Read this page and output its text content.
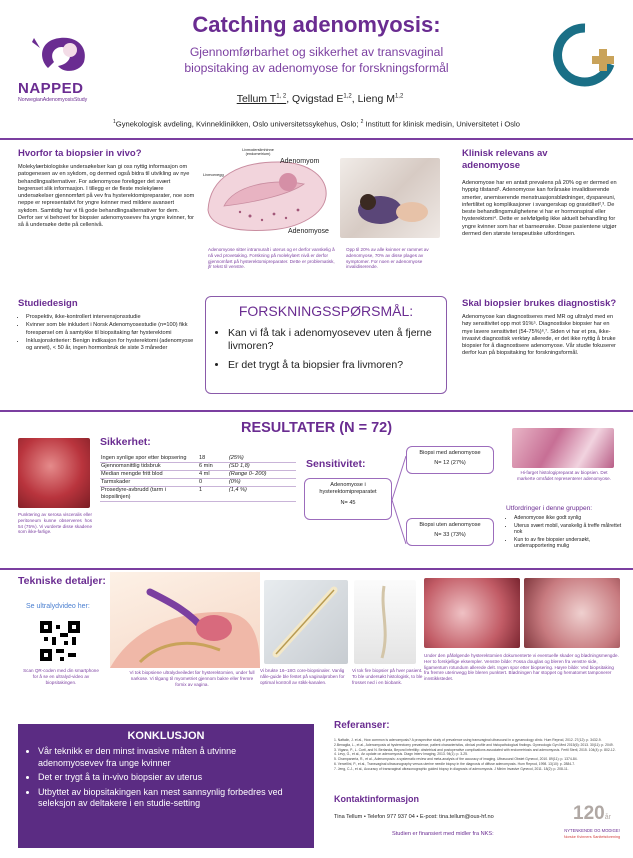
NAPPED
NorwegianAdenomyosisStudy
Catching adenomyosis:
Gjennomførbarhet og sikkerhet av transvaginal
biopsitaking av adenomyose for forskningsformål
Tellum T$^{1, 2}$, Qvigstad E$^{1,2}$, Lieng M$^{1,2}$
$^1$Gynekologisk avdeling, Kvinneklinikken, Oslo universitetssykehus, Oslo; $^2$ Institutt for klinisk medisin, Universitetet i Oslo
Hvorfor ta biopsier in vivo?
Molekylærbiologiske undersøkelser kan gi oss nyttig informasjon om patogenesen av en sykdom, og dermed også bidra til utvikling av nye behandlingsalternativer. For adenomyose foreligger det svært begrenset slik informasjon. I tillegg er de fleste molekylære undersøkelser gjennomført på vev fra hysterektomipreparater, noe som neppe er representativt for yngre kvinner med mildere avansert sykdom. Samtidig har vi få gode behandlingsalternativer for dem. Derfor ser vi behovet for biopsier adenomyosevev fra yngre kvinner, for så å undersøke dette på cellenivå.
Livmoderslimhinne (endometrium)
Adenomyom
Livmorvegg
Adenomyose
Adenomyose sitter intramuralt i uterus og er derfor vanskelig å nå ved provetaking. Forskning på molekylært nivå er derfor gjennomført på hysterektomipreparater. Dette er problematisk, jfr tekst til venstre.
Opp til 20% av alle kvinner er rammet av adenomyose, 70% av disse plages av symptomer. For noen er adenomyose invalidiserende.
Klinisk relevans av
adenomyose
Adenomyose har en antatt prevalens på 20% og er dermed en hyppig tilstand¹. Adenomyose kan forårsake invalidiserende smerter, anemiserende menstruasjonsblødninger, dyspareuni, infertilitet og komplikasjoner i svangerskap og graviditet²‚³. De beste behandlingsmulighetene vi har er hormonspiral eller hysterektomi⁴. Dette er selvfølgelig ikke aktuelt behandling for yngre kvinner som har et barneønske. Disse pasientene utgjør dermed den største terapeutiske utfordringen.
Studiedesign
• Prospektiv, ikke-kontrollert intervensjonsstudie
• Kvinner som ble inkludert i Norsk Adenomyosestudie (n=100) fikk forespørsel om å samtykke til biopsitaking før hysterektomi
• Inklusjonskriterier: Benign indikasjon for hysterektomi (adenomyose og annet), < 50 år, ingen hormonbruk de siste 3 måneder
FORSKNINGSSPØRSMÅL:
• Kan vi få tak i adenomyosevev uten å fjerne livmoren?
• Er det trygt å ta biopsier fra livmoren?
Skal biopsier brukes diagnostisk?
Adenomyose kan diagnostiseres med MR og ultralyd med en høy sensitivitet opp mot 91%⁵. Diagnostiske biopsier har en mye lavere sensitivitet (54-75%)⁶‚⁷. Siden vi har et pra, ikke-invasivt diagnostisk verktøy allerede, er det ikke nyttig å bruke biopsier for å diagnostisere adenomyose. Vår studie fokuserer derfor kun på biopsitaking for forskningsformål.
RESULTATER (N = 72)
Punktering av serosa visceralis eller peritoneum kunne observeres hos 54 (75%). Vi vurderte disse skadene som ikke-farlige.
Sikkerhet:
Ingen synlige spor etter biopsering	18	(25%)
Gjennomsnittlig tidsbruk	6 min	(SD 1,8)
Median mengde fritt blod	4 ml	(Range 0- 200)
Tarmskader	0	(0%)
Prosedyre-avbrudd (tarm i biopsilinjen)	1	(1,4 %)
Sensitivitet:
Adenomyose i
hysterektomipreparatet
N= 45
Biopsi med adenomyose
N= 12 (27%)
Biopsi uten adenomyose
N= 33 (73%)
Hi-farget histologipreparat av biopsien. Det markerte området representerer adenomyose.
Utfordringer i denne gruppen:
• Adenomyose ikke godt synlig
• Uterus svært mobil, vanskelig å treffe målrettet nok
• Kun to av fire biopsier undersøkt, underrapportering mulig
Tekniske detaljer:
Se ultralydvideo her:
Scan QR-coden med din smartphone for å se en ultralyd-video av biopsitakingen.
Vi tok biopsiene ultralydveiledet før hysterektomien, under full narkose. Vi tilgang til myometriet gjennom bakre eller fremre fornix av vagina.
Vi brukte 16–18G core-biopsinaler. Vanlig nåle-guide ble festet på vaginalproben for optimal kontroll av stikk-kanalen.
Vi tok fire biopsier på hver pasient. To ble undersøkt histologisk, to ble frosset ned i en biobank.
Under den påfølgende hysterektomien dokumenterte vi eventuelle skader og blødningsmengde. Her to forskjellige eksempler. Venstre bilde: Fossa douglas og bleren fra venstre side, ligamentum rotundum allerede delt. Ingen spor etter biopsering. Høyre bilde: Ved biopsitaking fra fremre uterinvegg ble bleren punktert. Blødningen har stoppet og hematomet tamponerer innstikkstedet.
KONKLUSJON
• Vår teknikk er den minst invasive måten å utvinne adenomyosevev fra unge kvinner
• Det er trygt å ta in-vivo biopsier av uterus
• Utbyttet av biopsitakingen kan mest sannsynlig forbedres ved seleksjon av deltakere i en studie-setting
Referanser:
1. Naftalin, J. et al., How common is adenomyosis? A prospective study of prevalence using transvaginal ultrasound in a gynaecology clinic. Hum Reprod, 2012. 27(12): p. 3432-9.
2.Benaglia, L., et al., Adenomyosis at hysterectomy prevalence, patient characteristics, clinical profile and histopathological findings. Gynecologic Gyn Med 2015(6): 2013. 30(11): p. 2049.
3. Vigano, P., L. Corti, and N. Berlanda, Beyond infertility: obstetrical and postoperative complications associated with endometriosis and adenomyosis. Fertil Steril, 2015. 104(4): p. 802-12.
4. Levy, G., et al., An update on adenomyosis. Diagn Interv Imaging, 2013. 94(1): p. 3-25.
5. Champaneria, R., et al., Adenomyosis: a systematic review and meta-analysis of the accuracy of imaging. Ultrasound Obstet Gynecol, 2010. 89(11): p. 1374-84.
6. Vercellini, P., et al., Transvaginal ultrasonography versus uterine needle biopsy in the diagnosis of diffuse adenomyosis. Hum Reprod, 1998. 13(10): p. 2884-7.
7. Jeng, C.J., et al., Accuracy of transvaginal ultrasonographic guided biopsy in diagnosis of adenomyosis. J Minim Invasive Gynecol, 2011. 18(2): p. 208-11.
Kontaktinformasjon
Tina Tellum • Telefon 977 937 04 • E-post: tina.tellum@ous-hf.no
Studien er finansiert med midler fra NKS:
120år
NYTENKENDE OG MODIGE!
Norske Kvinners Sanitetsforening
